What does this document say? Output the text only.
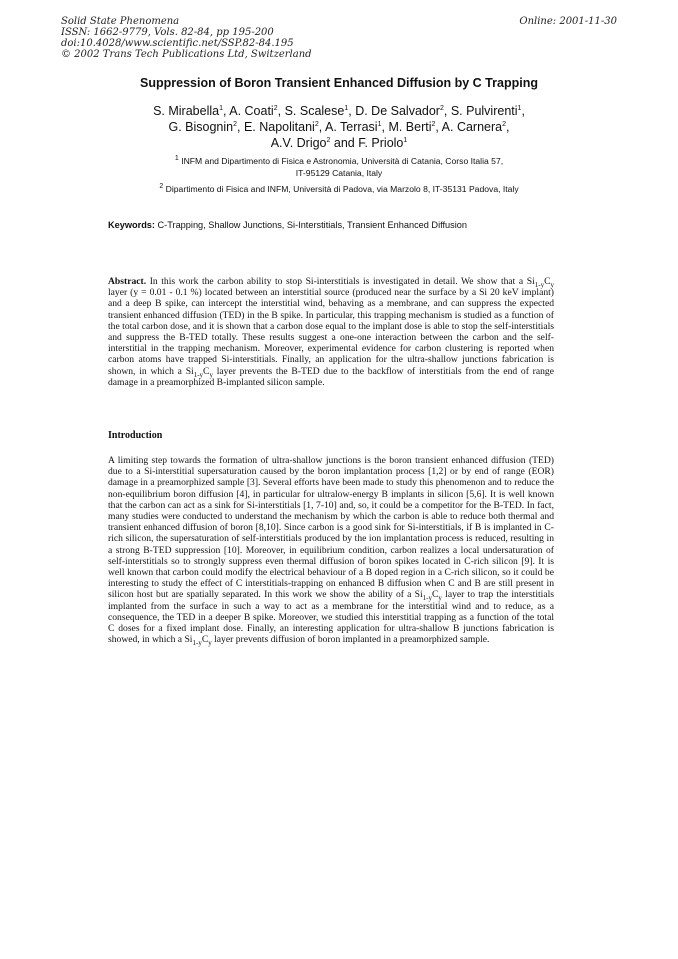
Solid State Phenomena
ISSN: 1662-9779, Vols. 82-84, pp 195-200
doi:10.4028/www.scientific.net/SSP.82-84.195
© 2002 Trans Tech Publications Ltd, Switzerland
Online: 2001-11-30
Suppression of Boron Transient Enhanced Diffusion by C Trapping
S. Mirabella$^1$, A. Coati$^2$, S. Scalese$^1$, D. De Salvador$^2$, S. Pulvirenti$^1$,
G. Bisognin$^2$, E. Napolitani$^2$, A. Terrasi$^1$, M. Berti$^2$, A. Carnera$^2$,
A.V. Drigo$^2$ and F. Priolo$^1$
$^1$ INFM and Dipartimento di Fisica e Astronomia, Università di Catania, Corso Italia 57,
IT-95129 Catania, Italy
$^2$ Dipartimento di Fisica and INFM, Università di Padova, via Marzolo 8, IT-35131 Padova, Italy
Keywords: C-Trapping, Shallow Junctions, Si-Interstitials, Transient Enhanced Diffusion
Abstract. In this work the carbon ability to stop Si-interstitials is investigated in detail. We show that a $Si_{1-y}C_y$ layer (y = 0.01 - 0.1 %) located between an interstitial source (produced near the surface by a Si 20 keV implant) and a deep B spike, can intercept the interstitial wind, behaving as a membrane, and can suppress the expected transient enhanced diffusion (TED) in the B spike. In particular, this trapping mechanism is studied as a function of the total carbon dose, and it is shown that a carbon dose equal to the implant dose is able to stop the self-interstitials and suppress the B-TED totally. These results suggest a one-one interaction between the carbon and the self-interstitial in the trapping mechanism. Moreover, experimental evidence for carbon clustering is reported when carbon atoms have trapped Si-interstitials. Finally, an application for the ultra-shallow junctions fabrication is shown, in which a $Si_{1-y}C_y$ layer prevents the B-TED due to the backflow of interstitials from the end of range damage in a preamorphized B-implanted silicon sample.
Introduction
A limiting step towards the formation of ultra-shallow junctions is the boron transient enhanced diffusion (TED) due to a Si-interstitial supersaturation caused by the boron implantation process [1,2] or by end of range (EOR) damage in a preamorphized sample [3]. Several efforts have been made to study this phenomenon and to reduce the non-equilibrium boron diffusion [4], in particular for ultralow-energy B implants in silicon [5,6]. It is well known that the carbon can act as a sink for Si-interstitials [1, 7-10] and, so, it could be a competitor for the B-TED. In fact, many studies were conducted to understand the mechanism by which the carbon is able to reduce both thermal and transient enhanced diffusion of boron [8,10]. Since carbon is a good sink for Si-interstitials, if B is implanted in C-rich silicon, the supersaturation of self-interstitials produced by the ion implantation process is reduced, resulting in a strong B-TED suppression [10]. Moreover, in equilibrium condition, carbon realizes a local undersaturation of self-interstitials so to strongly suppress even thermal diffusion of boron spikes located in C-rich silicon [9]. It is well known that carbon could modify the electrical behaviour of a B doped region in a C-rich silicon, so it could be interesting to study the effect of C interstitials-trapping on enhanced B diffusion when C and B are still present in silicon host but are spatially separated. In this work we show the ability of a $Si_{1-y}C_y$ layer to trap the interstitials implanted from the surface in such a way to act as a membrane for the interstitial wind and to reduce, as a consequence, the TED in a deeper B spike. Moreover, we studied this interstitial trapping as a function of the total C doses for a fixed implant dose. Finally, an interesting application for ultra-shallow B junctions fabrication is showed, in which a $Si_{1-y}C_y$ layer prevents diffusion of boron implanted in a preamorphized sample.
